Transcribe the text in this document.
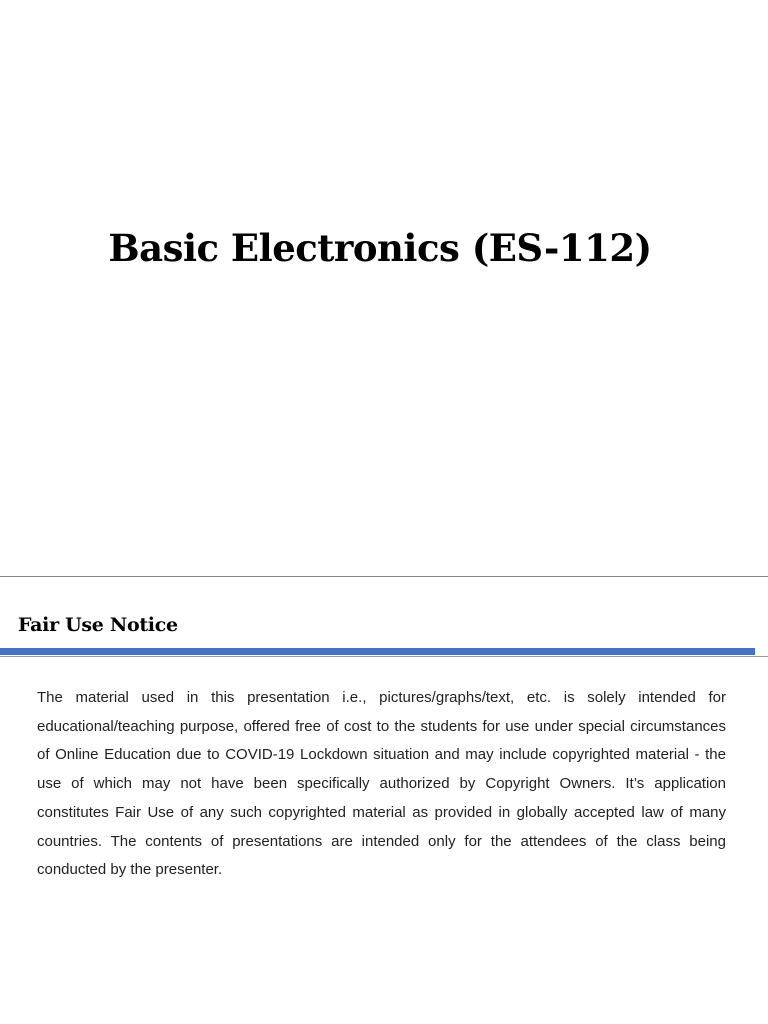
Basic Electronics (ES-112)
Fair Use Notice

The material used in this presentation i.e., pictures/graphs/text, etc. is solely intended for educational/teaching purpose, offered free of cost to the students for use under special circumstances of Online Education due to COVID-19 Lockdown situation and may include copyrighted material - the use of which may not have been specifically authorized by Copyright Owners. It’s application constitutes Fair Use of any such copyrighted material as provided in globally accepted law of many countries. The contents of presentations are intended only for the attendees of the class being conducted by the presenter.
